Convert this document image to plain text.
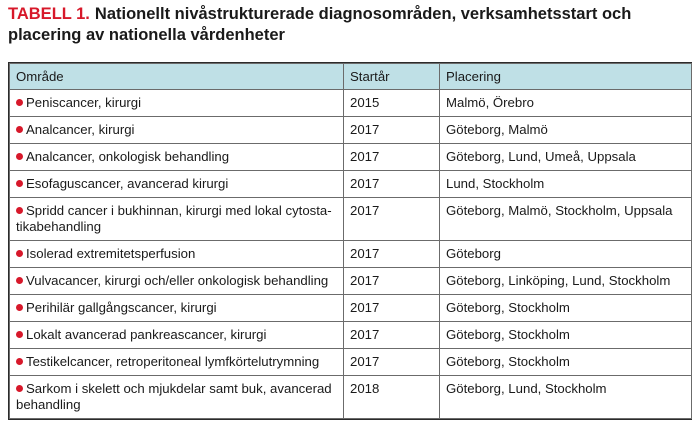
TABELL 1. Nationellt nivåstrukturerade diagnosområden, verksamhetsstart och placering av nationella vårdenheter
Område	Startår	Placering
Peniscancer, kirurgi	2015	Malmö, Örebro
Analcancer, kirurgi	2017	Göteborg, Malmö
Analcancer, onkologisk behandling	2017	Göteborg, Lund, Umeå, Uppsala
Esofaguscancer, avancerad kirurgi	2017	Lund, Stockholm
Spridd cancer i bukhinnan, kirurgi med lokal cytosta-tikabehandling	2017	Göteborg, Malmö, Stockholm, Uppsala
Isolerad extremitetsperfusion	2017	Göteborg
Vulvacancer, kirurgi och/eller onkologisk behandling	2017	Göteborg, Linköping, Lund, Stockholm
Perihilär gallgångscancer, kirurgi	2017	Göteborg, Stockholm
Lokalt avancerad pankreascancer, kirurgi	2017	Göteborg, Stockholm
Testikelcancer, retroperitoneal lymfkörtelutrymning	2017	Göteborg, Stockholm
Sarkom i skelett och mjukdelar samt buk, avancerad behandling	2018	Göteborg, Lund, Stockholm
